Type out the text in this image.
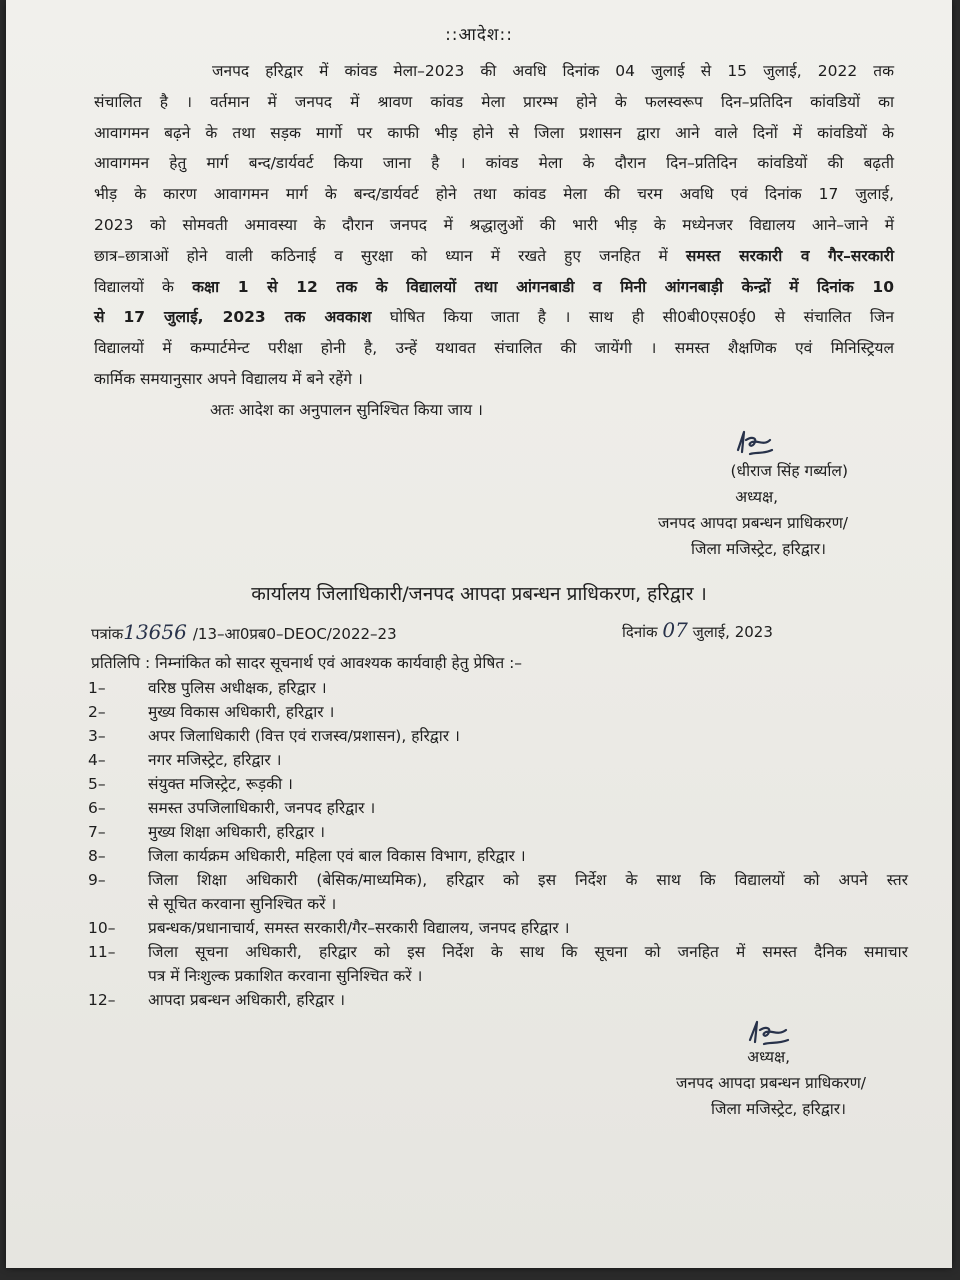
::आदेश::
जनपद हरिद्वार में कांवड मेला–2023 की अवधि दिनांक 04 जुलाई से 15 जुलाई, 2022 तक
संचालित है । वर्तमान में जनपद में श्रावण कांवड मेला प्रारम्भ होने के फलस्वरूप दिन–प्रतिदिन कांवडियों का
आवागमन बढ़ने के तथा सड़क मार्गो पर काफी भीड़ होने से जिला प्रशासन द्वारा आने वाले दिनों में कांवडियों के
आवागमन हेतु मार्ग बन्द/डार्यवर्ट किया जाना है । कांवड मेला के दौरान दिन–प्रतिदिन कांवडियों की बढ़ती
भीड़ के कारण आवागमन मार्ग के बन्द/डार्यवर्ट होने तथा कांवड मेला की चरम अवधि एवं दिनांक 17 जुलाई,
2023 को सोमवती अमावस्या के दौरान जनपद में श्रद्धालुओं की भारी भीड़ के मध्येनजर विद्यालय आने–जाने में
छात्र–छात्राओं होने वाली कठिनाई व सुरक्षा को ध्यान में रखते हुए जनहित में समस्त सरकारी व गैर–सरकारी
विद्यालयों के कक्षा 1 से 12 तक के विद्यालयों तथा आंगनबाडी व मिनी आंगनबाड़ी केन्द्रों में दिनांक 10
से 17 जुलाई, 2023 तक अवकाश घोषित किया जाता है । साथ ही सी0बी0एस0ई0 से संचालित जिन
विद्यालयों में कम्पार्टमेन्ट परीक्षा होनी है, उन्हें यथावत संचालित की जायेंगी । समस्त शैक्षणिक एवं मिनिस्ट्रियल
कार्मिक समयानुसार अपने विद्यालय में बने रहेंगे ।
अतः आदेश का अनुपालन सुनिश्चित किया जाय ।
(धीराज सिंह गर्ब्याल)
अध्यक्ष,
जनपद आपदा प्रबन्धन प्राधिकरण/
जिला मजिस्ट्रेट, हरिद्वार।
कार्यालय जिलाधिकारी/जनपद आपदा प्रबन्धन प्राधिकरण, हरिद्वार ।
पत्रांक13656 /13–आ0प्रब0–DEOC/2022–23	दिनांक 07 जुलाई, 2023
प्रतिलिपि : निम्नांकित को सादर सूचनार्थ एवं आवश्यक कार्यवाही हेतु प्रेषित :–
1–	वरिष्ठ पुलिस अधीक्षक, हरिद्वार ।
2–	मुख्य विकास अधिकारी, हरिद्वार ।
3–	अपर जिलाधिकारी (वित्त एवं राजस्व/प्रशासन), हरिद्वार ।
4–	नगर मजिस्ट्रेट, हरिद्वार ।
5–	संयुक्त मजिस्ट्रेट, रूड़की ।
6–	समस्त उपजिलाधिकारी, जनपद हरिद्वार ।
7–	मुख्य शिक्षा अधिकारी, हरिद्वार ।
8–	जिला कार्यक्रम अधिकारी, महिला एवं बाल विकास विभाग, हरिद्वार ।
9–	जिला शिक्षा अधिकारी (बेसिक/माध्यमिक), हरिद्वार को इस निर्देश के साथ कि विद्यालयों को अपने स्तर
से सूचित करवाना सुनिश्चित करें ।
10–	प्रबन्धक/प्रधानाचार्य, समस्त सरकारी/गैर–सरकारी विद्यालय, जनपद हरिद्वार ।
11–	जिला सूचना अधिकारी, हरिद्वार को इस निर्देश के साथ कि सूचना को जनहित में समस्त दैनिक समाचार
पत्र में निःशुल्क प्रकाशित करवाना सुनिश्चित करें ।
12–	आपदा प्रबन्धन अधिकारी, हरिद्वार ।
अध्यक्ष,
जनपद आपदा प्रबन्धन प्राधिकरण/
जिला मजिस्ट्रेट, हरिद्वार।
